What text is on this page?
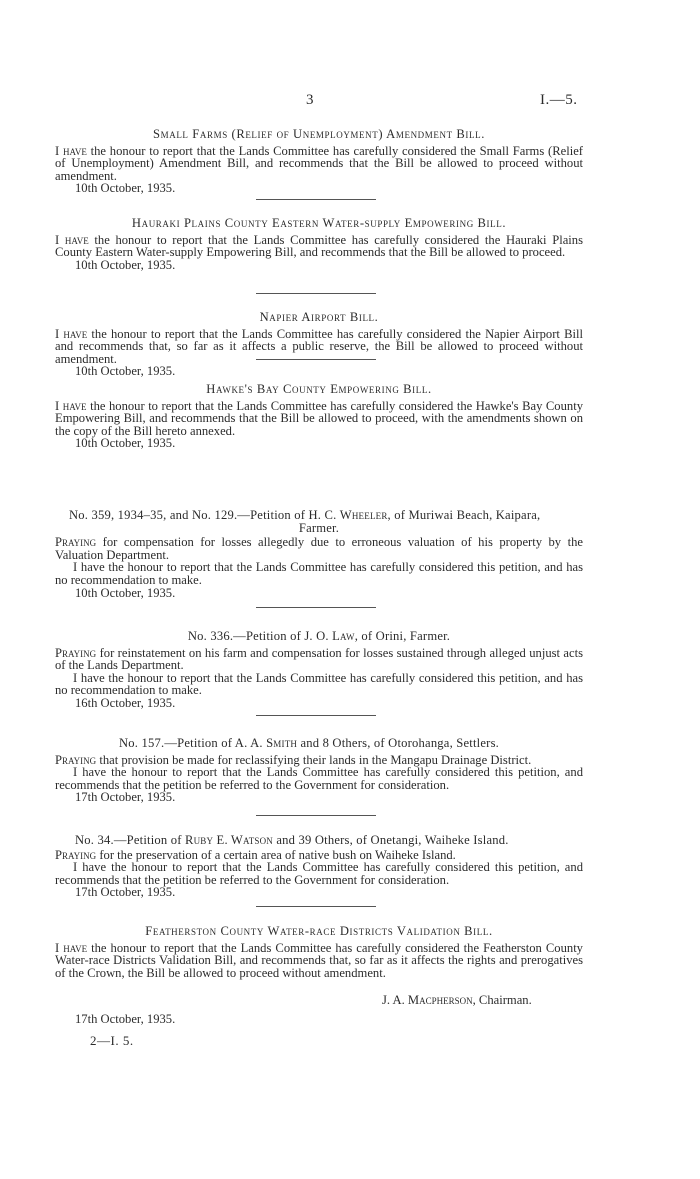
3	I.—5.
Small Farms (Relief of Unemployment) Amendment Bill.
I have the honour to report that the Lands Committee has carefully considered the Small Farms (Relief of Unemployment) Amendment Bill, and recommends that the Bill be allowed to proceed without amendment.
10th October, 1935.
Hauraki Plains County Eastern Water-supply Empowering Bill.
I have the honour to report that the Lands Committee has carefully considered the Hauraki Plains County Eastern Water-supply Empowering Bill, and recommends that the Bill be allowed to proceed.
10th October, 1935.
Napier Airport Bill.
I have the honour to report that the Lands Committee has carefully considered the Napier Airport Bill and recommends that, so far as it affects a public reserve, the Bill be allowed to proceed without amendment.
10th October, 1935.
Hawke's Bay County Empowering Bill.
I have the honour to report that the Lands Committee has carefully considered the Hawke's Bay County Empowering Bill, and recommends that the Bill be allowed to proceed, with the amendments shown on the copy of the Bill hereto annexed.
10th October, 1935.
No. 359, 1934–35, and No. 129.—Petition of H. C. Wheeler, of Muriwai Beach, Kaipara,
Farmer.
Praying for compensation for losses allegedly due to erroneous valuation of his property by the Valuation Department.
I have the honour to report that the Lands Committee has carefully considered this petition, and has no recommendation to make.
10th October, 1935.
No. 336.—Petition of J. O. Law, of Orini, Farmer.
Praying for reinstatement on his farm and compensation for losses sustained through alleged unjust acts of the Lands Department.
I have the honour to report that the Lands Committee has carefully considered this petition, and has no recommendation to make.
16th October, 1935.
No. 157.—Petition of A. A. Smith and 8 Others, of Otorohanga, Settlers.
Praying that provision be made for reclassifying their lands in the Mangapu Drainage District.
I have the honour to report that the Lands Committee has carefully considered this petition, and recommends that the petition be referred to the Government for consideration.
17th October, 1935.
No. 34.—Petition of Ruby E. Watson and 39 Others, of Onetangi, Waiheke Island.
Praying for the preservation of a certain area of native bush on Waiheke Island.
I have the honour to report that the Lands Committee has carefully considered this petition, and recommends that the petition be referred to the Government for consideration.
17th October, 1935.
Featherston County Water-race Districts Validation Bill.
I have the honour to report that the Lands Committee has carefully considered the Featherston County Water-race Districts Validation Bill, and recommends that, so far as it affects the rights and prerogatives of the Crown, the Bill be allowed to proceed without amendment.
J. A. Macpherson, Chairman.
17th October, 1935.
2—I. 5.
